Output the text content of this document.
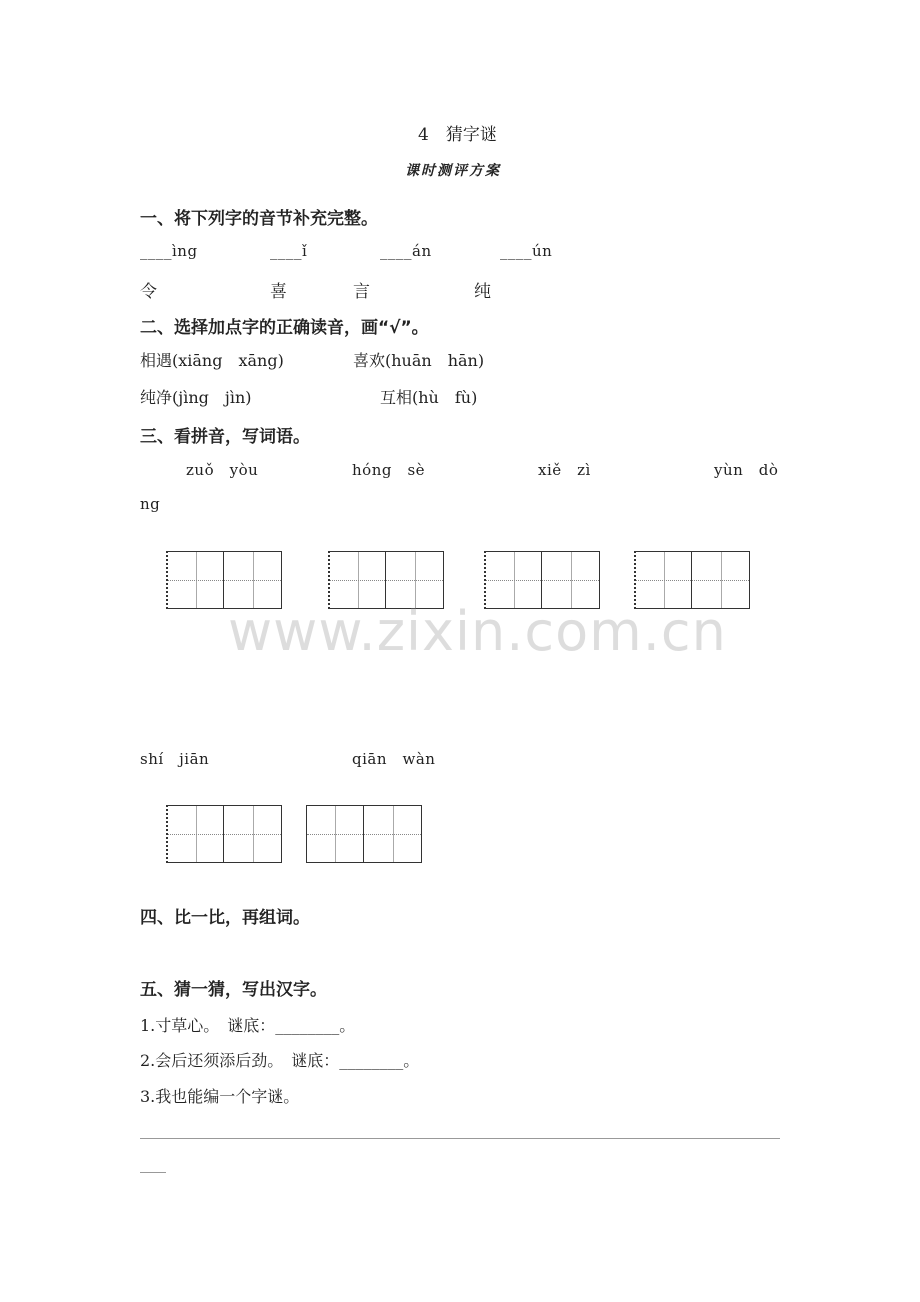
4　猜字谜
课时测评方案
一、将下列字的音节补充完整。
____ìng	____ǐ	____án	____ún
令	喜	言	纯
二、选择加点字的正确读音，画“√”。
相遇(xiāng　xāng)	喜欢(huān　hān)
纯净(jìng　jìn)	互相(hù　fù)
三、看拼音，写词语。
zuǒ　yòu	hóng　sè	xiě　zì	yùn　dò
ng
www.zixin.com.cn
shí　jiān	qiān　wàn
四、比一比，再组词。
五、猜一猜，写出汉字。
1.寸草心。　谜底：________。
2.会后还须添后劲。　谜底：________。
3.我也能编一个字谜。
